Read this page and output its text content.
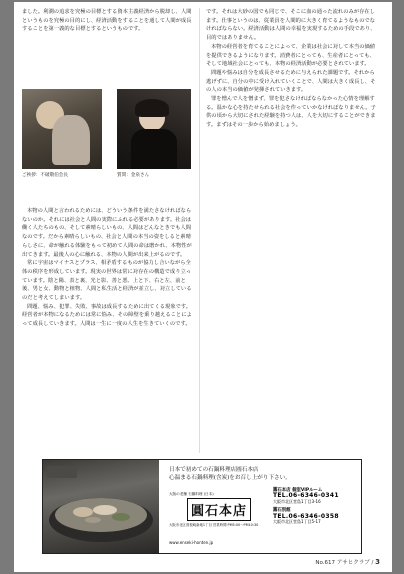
ました。利潤の追求を究極の目標とする資本主義経済から脱却し、人間というものを究極の目的にし、経済活動をすることを通して人間が成長することを第一義的な目標とするというものです。

ご挨拶：不破敬伯会長	質問：金泉さん

本物の人間と言われるためには、どういう条件を満たさなければならないのか。それには社会と人間の実際にふれる必要があります。社会は働く人たちのもの、そして素晴らしいもの、人間はどんなときでも人間なのです。だから素晴らしいもの、社会と人間の本当の姿をしると素晴らしさに、命が触れる体験をもって初めて人間の命は磨かれ、本物性が出てきます。最後人の心に触れる、本物の人間が出来上がるのです。

常に宇宙はマイナスとプラス、相矛盾するものが協力し合いながら全体の秩序を形成しています。現実の世界は常に対存在の構造で成り立っています。陰と陽、表と裏、光と影、善と悪、上と下、右と左、前と後、男と女、動物と植物、人間と私生活と経済が並立し、対立しているのだと考えてしまいます。

問題、悩み、犯罪、失敗、事故は成長するために出てくる現象です。経営者が本物になるためには常に悩み、その障壁を乗り越えることによって成長していきます。人間は一生に一度の人生を生きていくのです。

です。それは大砂の国でも同じで、そこに血の通った流れのみが存在します。仕事というのは、従業員を人間的に大きく育てるようなものでなければならない。経済活動は人間の幸福を実現するための手段であり、目的ではありません。

本物の経営者を育てることによって、企業は社会に対して本当の価値を提供できるようになります。消費者にとっても、生産者にとっても、そして地域社会にとっても、本物の経済活動が必要とされています。

問題や悩みは自分を成長させるために与えられた課題です。それから逃げずに、自分の中に受け入れていくことで、人間は大きく成長し、その人の本当の価値が発揮されていきます。

罪を憎んで人を憎まず、罪を犯さなければならなかった心情を理解する。温かな心を持たせられる社会を作っていかなければなりません。子供の頃から大切にされた経験を持つ人は、人を大切にすることができます。まずはその一歩から始めましょう。

日本で初めての石鍋料理店圓石本店
心温まる石鍋料理(含炭)をお召し上がり下さい。
大阪の老舗 石鍋料理 (日本)
圓石本店
大阪市北区曽根崎新地1丁目 営業時間 PM5:00〜PM10:30
www.enseki-honten.jp
圓石本店 個室VIPルーム
TEL.06-6346-0341
大阪市北区堂島1丁目3-16
圓石別館
TEL.06-6346-0358
大阪市北区堂島1丁目5-17
No.617 アサヒクラブ / 3
